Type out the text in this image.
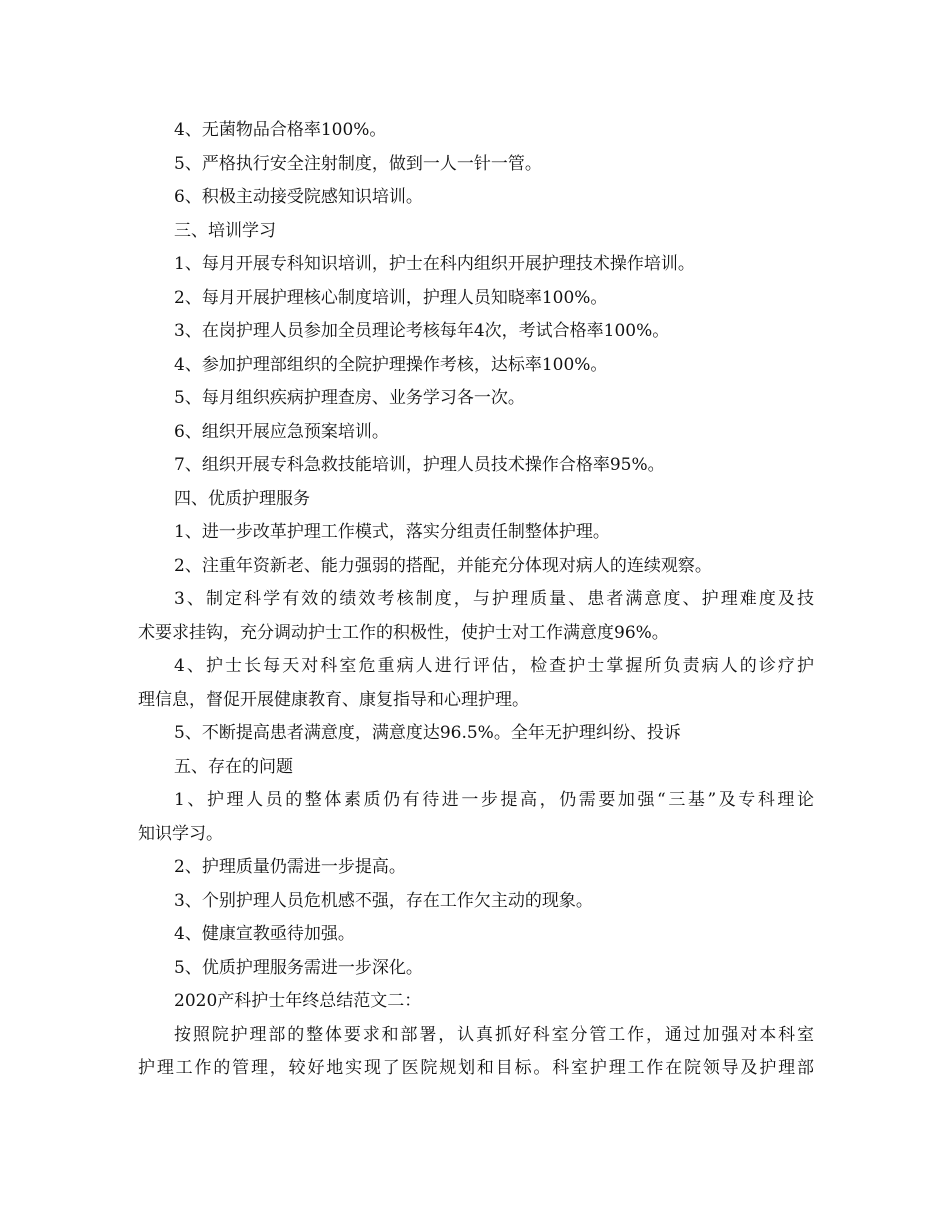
4、无菌物品合格率100%。
5、严格执行安全注射制度，做到一人一针一管。
6、积极主动接受院感知识培训。
三、培训学习
1、每月开展专科知识培训，护士在科内组织开展护理技术操作培训。
2、每月开展护理核心制度培训，护理人员知晓率100%。
3、在岗护理人员参加全员理论考核每年4次，考试合格率100%。
4、参加护理部组织的全院护理操作考核，达标率100%。
5、每月组织疾病护理查房、业务学习各一次。
6、组织开展应急预案培训。
7、组织开展专科急救技能培训，护理人员技术操作合格率95%。
四、优质护理服务
1、进一步改革护理工作模式，落实分组责任制整体护理。
2、注重年资新老、能力强弱的搭配，并能充分体现对病人的连续观察。
3、制定科学有效的绩效考核制度，与护理质量、患者满意度、护理难度及技
术要求挂钩，充分调动护士工作的积极性，使护士对工作满意度96%。
4、护士长每天对科室危重病人进行评估，检查护士掌握所负责病人的诊疗护
理信息，督促开展健康教育、康复指导和心理护理。
5、不断提高患者满意度，满意度达96.5%。全年无护理纠纷、投诉
五、存在的问题
1、护理人员的整体素质仍有待进一步提高，仍需要加强“三基”及专科理论
知识学习。
2、护理质量仍需进一步提高。
3、个别护理人员危机感不强，存在工作欠主动的现象。
4、健康宣教亟待加强。
5、优质护理服务需进一步深化。
2020产科护士年终总结范文二：
按照院护理部的整体要求和部署，认真抓好科室分管工作，通过加强对本科室
护理工作的管理，较好地实现了医院规划和目标。科室护理工作在院领导及护理部
